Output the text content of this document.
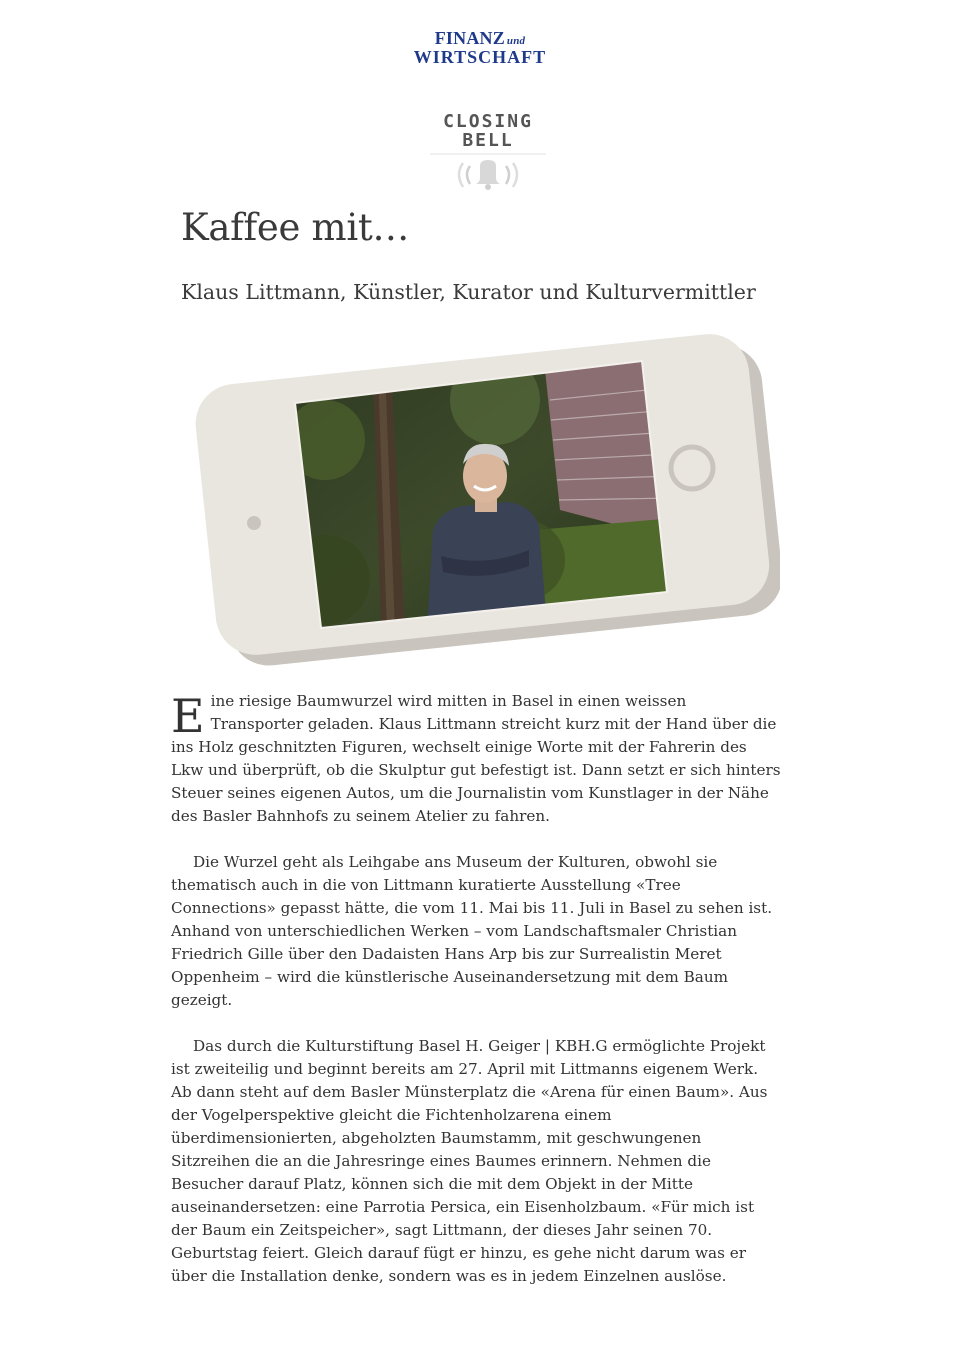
FINANZ und
WIRTSCHAFT
CLOSING
BELL
Kaffee mit…
Klaus Littmann, Künstler, Kurator und Kulturvermittler

Eine riesige Baumwurzel wird mitten in Basel in einen weissen Transporter geladen. Klaus Littmann streicht kurz mit der Hand über die ins Holz geschnitzten Figuren, wechselt einige Worte mit der Fahrerin des Lkw und überprüft, ob die Skulptur gut befestigt ist. Dann setzt er sich hinters Steuer seines eigenen Autos, um die Journalistin vom Kunstlager in der Nähe des Basler Bahnhofs zu seinem Atelier zu fahren.

Die Wurzel geht als Leihgabe ans Museum der Kulturen, obwohl sie thematisch auch in die von Littmann kuratierte Ausstellung «Tree Connections» gepasst hätte, die vom 11. Mai bis 11. Juli in Basel zu sehen ist. Anhand von unterschiedlichen Werken – vom Landschaftsmaler Christian Friedrich Gille über den Dadaisten Hans Arp bis zur Surrealistin Meret Oppenheim – wird die künstlerische Auseinandersetzung mit dem Baum gezeigt.

Das durch die Kulturstiftung Basel H. Geiger | KBH.G ermöglichte Projekt ist zweiteilig und beginnt bereits am 27. April mit Littmanns eigenem Werk. Ab dann steht auf dem Basler Münsterplatz die «Arena für einen Baum». Aus der Vogelperspektive gleicht die Fichtenholzarena einem überdimensionierten, abgeholzten Baumstamm, mit geschwungenen Sitzreihen die an die Jahresringe eines Baumes erinnern. Nehmen die Besucher darauf Platz, können sich die mit dem Objekt in der Mitte auseinandersetzen: eine Parrotia Persica, ein Eisenholzbaum. «Für mich ist der Baum ein Zeitspeicher», sagt Littmann, der dieses Jahr seinen 70. Geburtstag feiert. Gleich darauf fügt er hinzu, es gehe nicht darum was er über die Installation denke, sondern was es in jedem Einzelnen auslöse.
